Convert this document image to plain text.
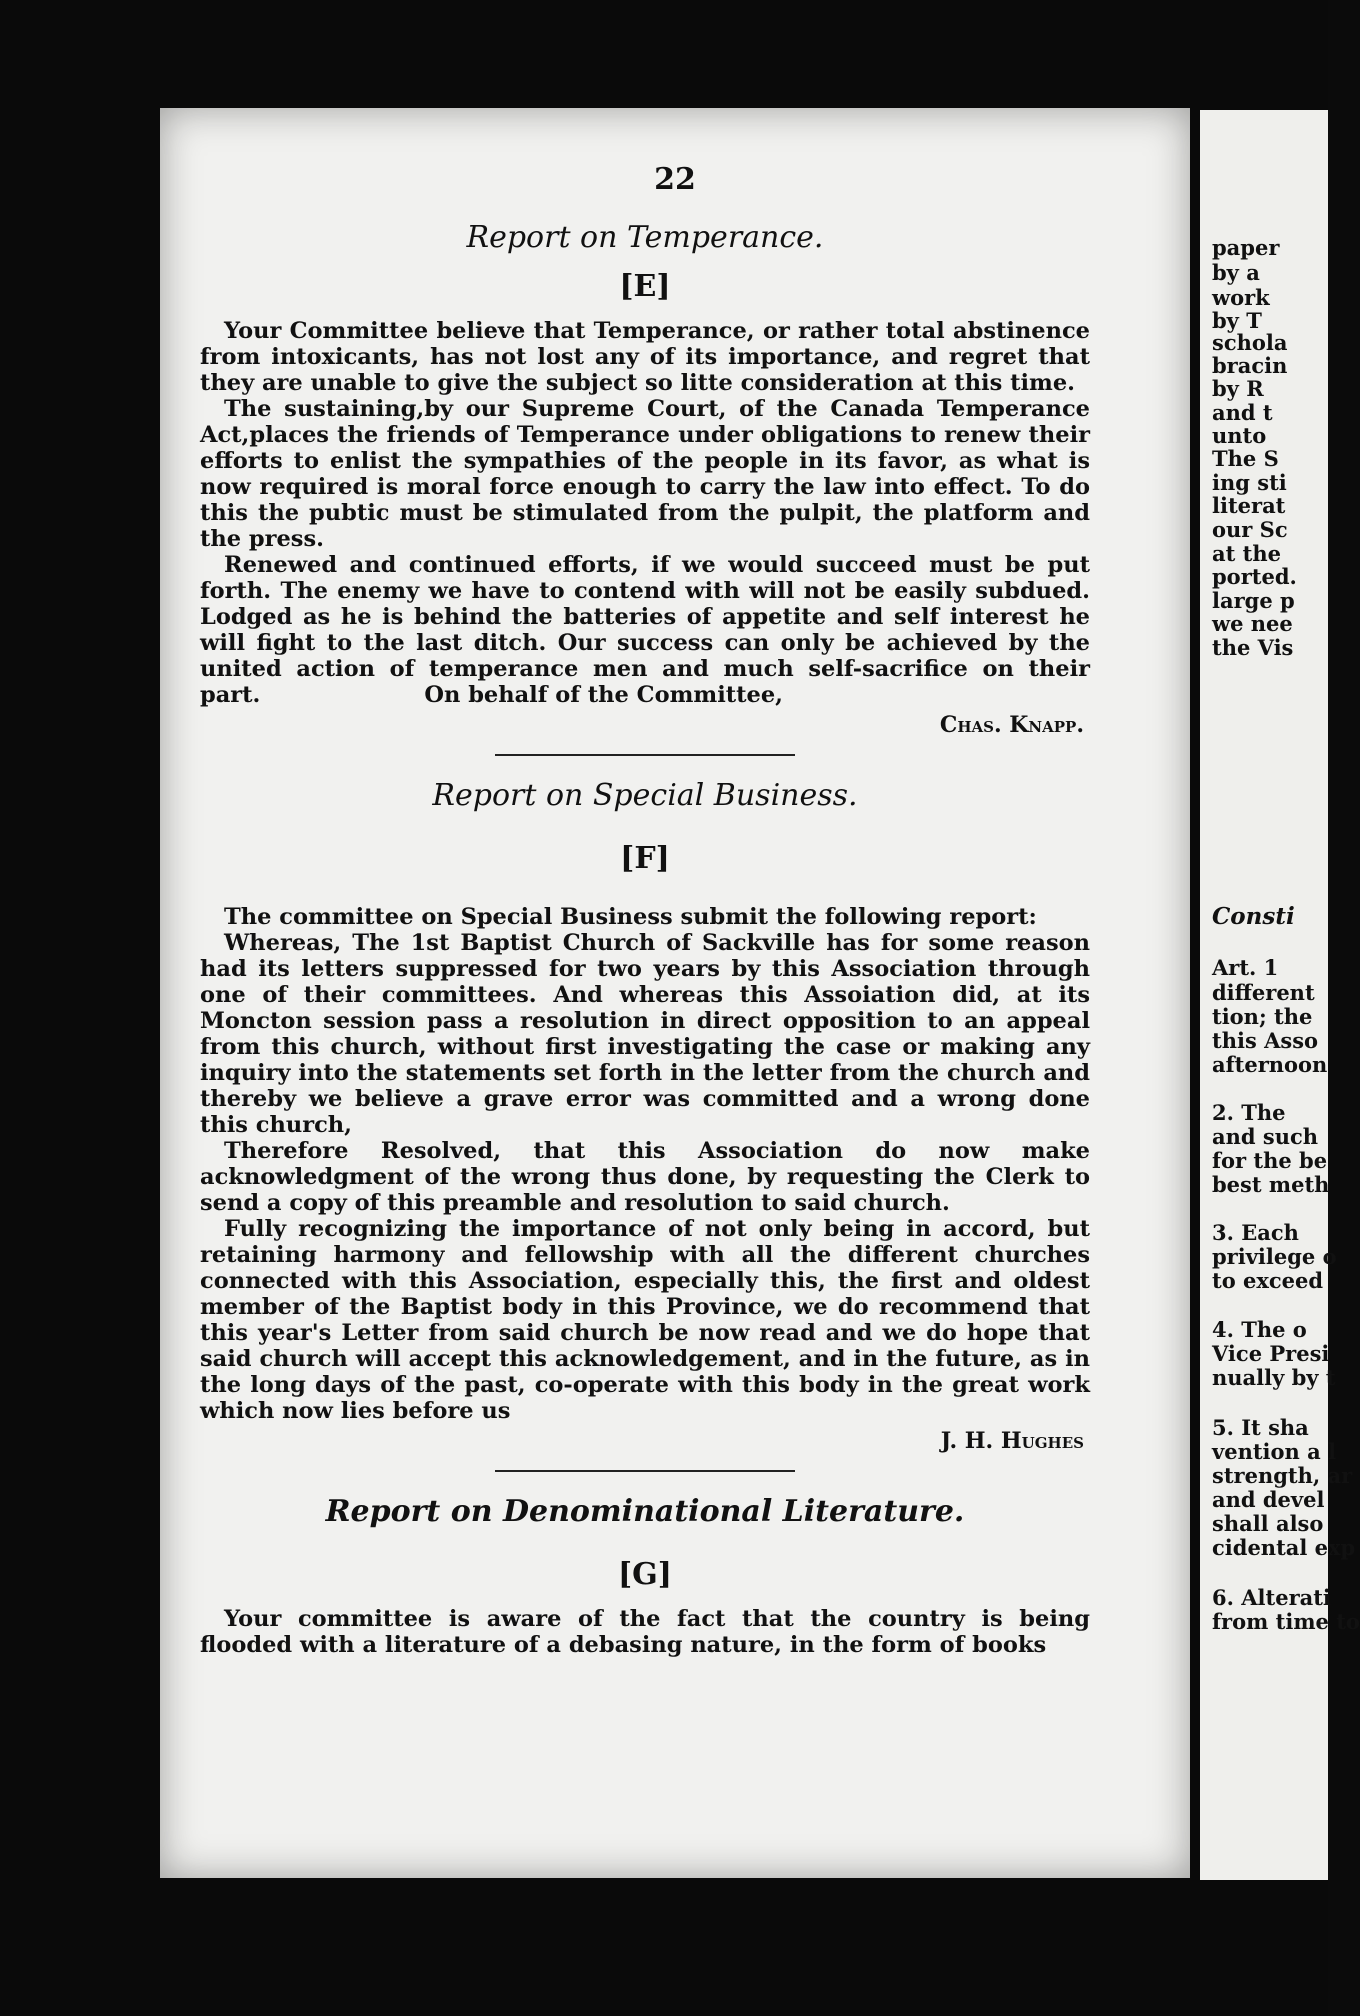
22

Report on Temperance.

[E]

Your Committee believe that Temperance, or rather total abstinence from intoxicants, has not lost any of its importance, and regret that they are unable to give the subject so litte consideration at this time.

The sustaining,by our Supreme Court, of the Canada Temperance Act,places the friends of Temperance under obligations to renew their efforts to enlist the sympathies of the people in its favor, as what is now required is moral force enough to carry the law into effect. To do this the pubtic must be stimulated from the pulpit, the platform and the press.

Renewed and continued efforts, if we would succeed must be put forth. The enemy we have to contend with will not be easily subdued. Lodged as he is behind the batteries of appetite and self interest he will fight to the last ditch. Our success can only be achieved by the united action of temperance men and much self-sacrifice on their part.	On behalf of the Committee,

Chas. Knapp.

Report on Special Business.

[F]

The committee on Special Business submit the following report:

Whereas, The 1st Baptist Church of Sackville has for some reason had its letters suppressed for two years by this Association through one of their committees. And whereas this Assoiation did, at its Moncton session pass a resolution in direct opposition to an appeal from this church, without first investigating the case or making any inquiry into the statements set forth in the letter from the church and thereby we believe a grave error was committed and a wrong done this church,

Therefore Resolved, that this Association do now make acknowledgment of the wrong thus done, by requesting the Clerk to send a copy of this preamble and resolution to said church.

Fully recognizing the importance of not only being in accord, but retaining harmony and fellowship with all the different churches connected with this Association, especially this, the first and oldest member of the Baptist body in this Province, we do recommend that this year's Letter from said church be now read and we do hope that said church will accept this acknowledgement, and in the future, as in the long days of the past, co-operate with this body in the great work which now lies before us

J. H. Hughes

Report on Denominational Literature.

[G]

Your committee is aware of the fact that the country is being flooded with a literature of a debasing nature, in the form of books

paper
by a
work
by T
schola
bracin
by R
and t
unto
The S
ing sti
literat
our Sc
at the
ported.
large p
we nee
the Vis
Consti
Art. 1
different
tion; the
this Asso
afternoon
2. The
and such
for the be
best meth
3. Each
privilege o
to exceed
4. The o
Vice Presi
nually by t
5. It sha
vention a l
strength, ar
and devel
shall also
cidental exp
6. Alterati
from time to
